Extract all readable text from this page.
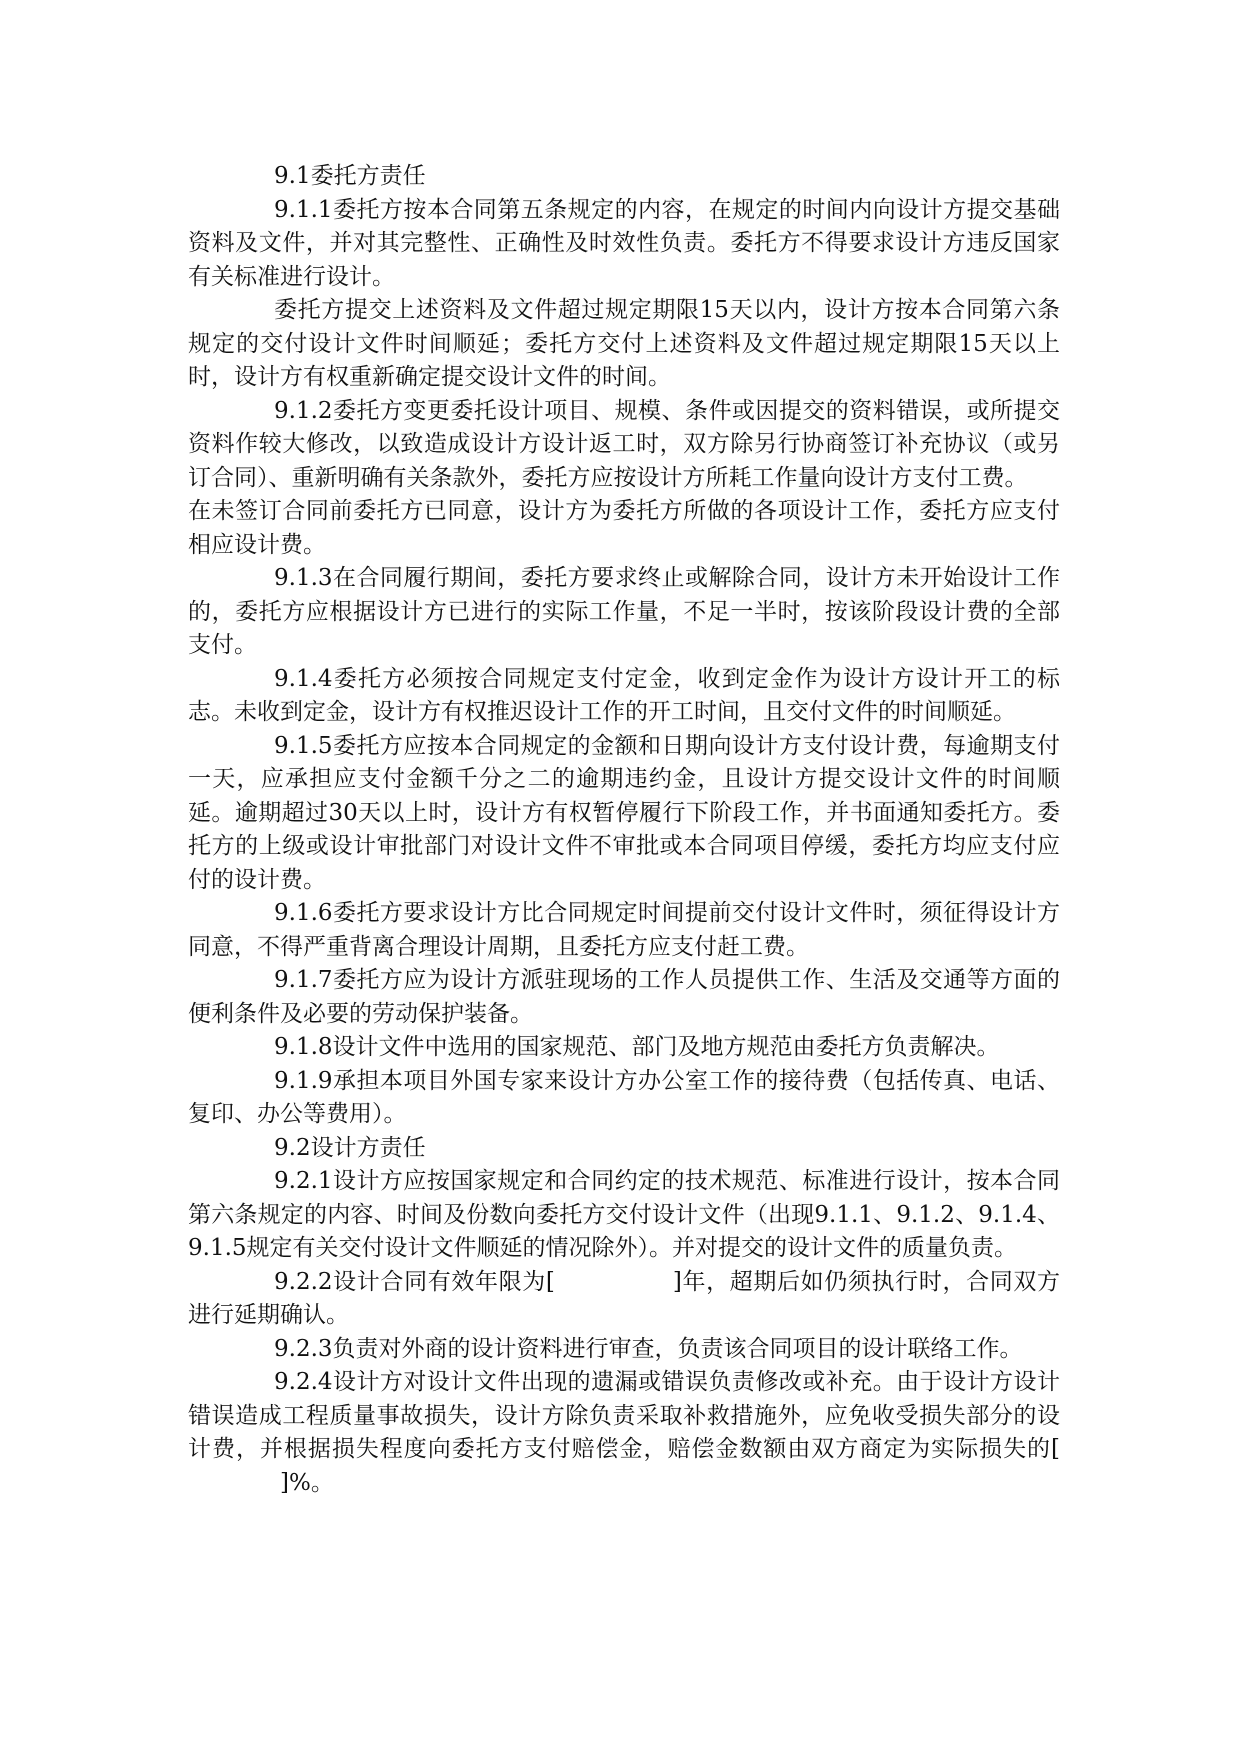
9.1委托方责任

9.1.1委托方按本合同第五条规定的内容，在规定的时间内向设计方提交基础资料及文件，并对其完整性、正确性及时效性负责。委托方不得要求设计方违反国家有关标准进行设计。

委托方提交上述资料及文件超过规定期限15天以内，设计方按本合同第六条规定的交付设计文件时间顺延；委托方交付上述资料及文件超过规定期限15天以上时，设计方有权重新确定提交设计文件的时间。

9.1.2委托方变更委托设计项目、规模、条件或因提交的资料错误，或所提交资料作较大修改，以致造成设计方设计返工时，双方除另行协商签订补充协议（或另订合同）、重新明确有关条款外，委托方应按设计方所耗工作量向设计方支付工费。

在未签订合同前委托方已同意，设计方为委托方所做的各项设计工作，委托方应支付相应设计费。

9.1.3在合同履行期间，委托方要求终止或解除合同，设计方未开始设计工作的，委托方应根据设计方已进行的实际工作量，不足一半时，按该阶段设计费的全部支付。

9.1.4委托方必须按合同规定支付定金，收到定金作为设计方设计开工的标志。未收到定金，设计方有权推迟设计工作的开工时间，且交付文件的时间顺延。

9.1.5委托方应按本合同规定的金额和日期向设计方支付设计费，每逾期支付一天，应承担应支付金额千分之二的逾期违约金，且设计方提交设计文件的时间顺延。逾期超过30天以上时，设计方有权暂停履行下阶段工作，并书面通知委托方。委托方的上级或设计审批部门对设计文件不审批或本合同项目停缓，委托方均应支付应付的设计费。

9.1.6委托方要求设计方比合同规定时间提前交付设计文件时，须征得设计方同意，不得严重背离合理设计周期，且委托方应支付赶工费。

9.1.7委托方应为设计方派驻现场的工作人员提供工作、生活及交通等方面的便利条件及必要的劳动保护装备。

9.1.8设计文件中选用的国家规范、部门及地方规范由委托方负责解决。

9.1.9承担本项目外国专家来设计方办公室工作的接待费（包括传真、电话、复印、办公等费用）。

9.2设计方责任

9.2.1设计方应按国家规定和合同约定的技术规范、标准进行设计，按本合同第六条规定的内容、时间及份数向委托方交付设计文件（出现9.1.1、9.1.2、9.1.4、9.1.5规定有关交付设计文件顺延的情况除外）。并对提交的设计文件的质量负责。

9.2.2设计合同有效年限为[	]年，超期后如仍须执行时，合同双方进行延期确认。

9.2.3负责对外商的设计资料进行审查，负责该合同项目的设计联络工作。

9.2.4设计方对设计文件出现的遗漏或错误负责修改或补充。由于设计方设计错误造成工程质量事故损失，设计方除负责采取补救措施外，应免收受损失部分的设计费，并根据损失程度向委托方支付赔偿金，赔偿金数额由双方商定为实际损失的[]%。
